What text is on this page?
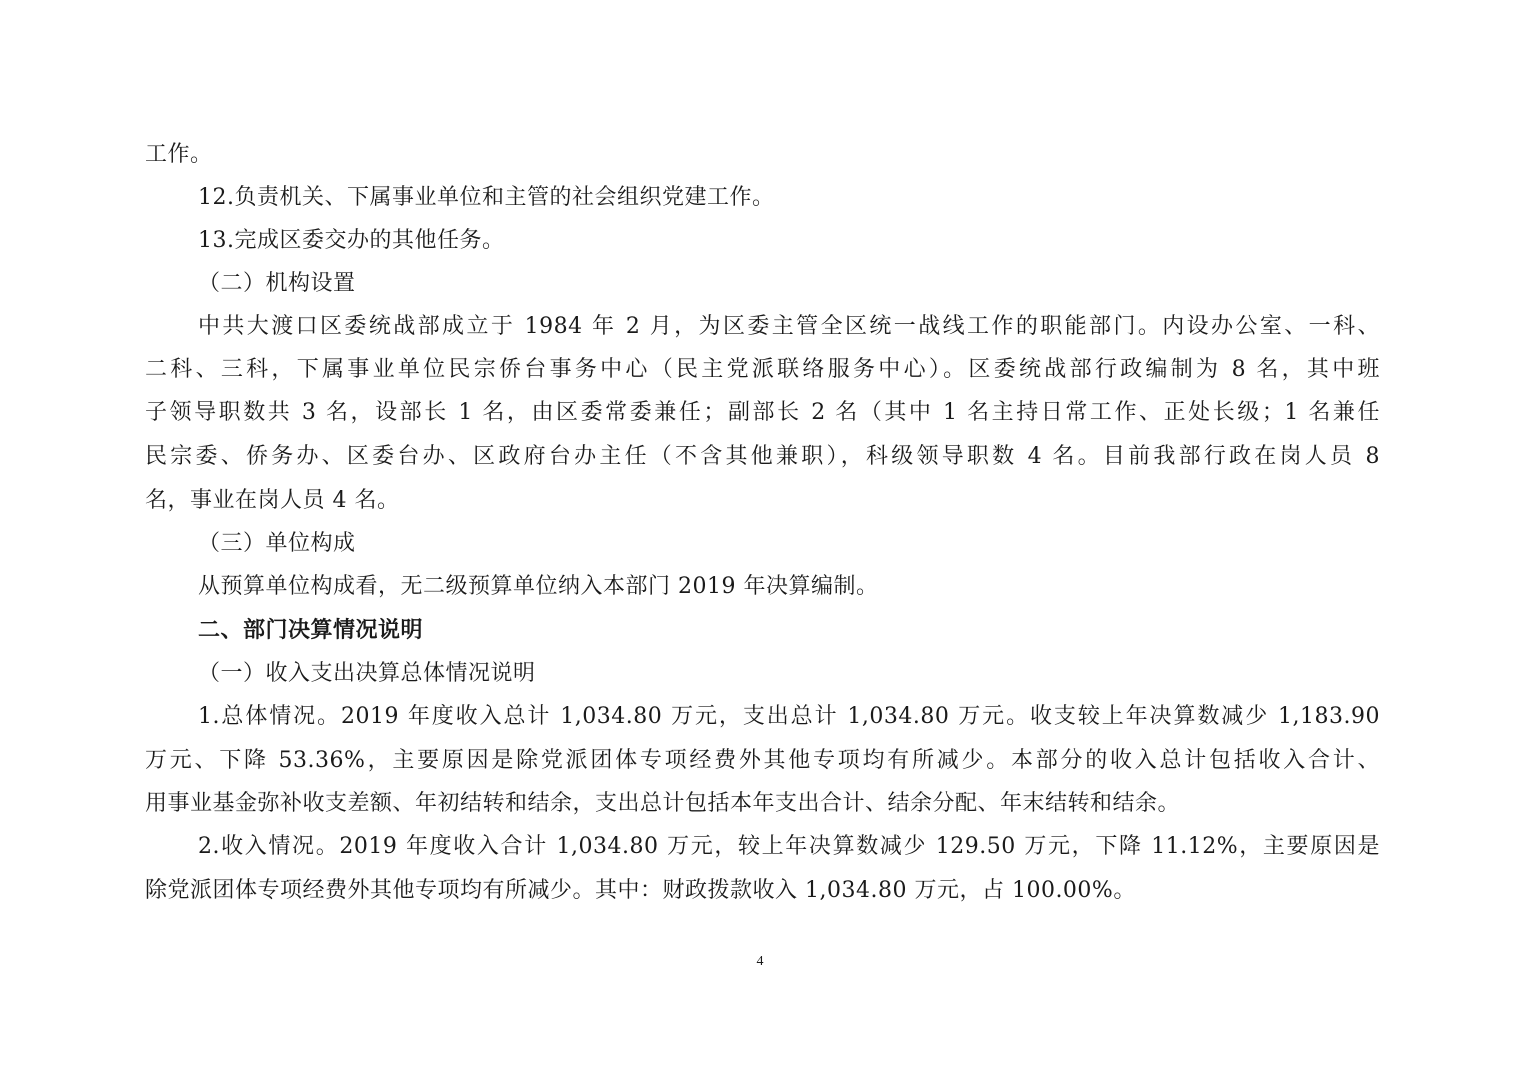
工作。
12.负责机关、下属事业单位和主管的社会组织党建工作。
13.完成区委交办的其他任务。
（二）机构设置
中共大渡口区委统战部成立于 1984 年 2 月，为区委主管全区统一战线工作的职能部门。内设办公室、一科、
二科、三科，下属事业单位民宗侨台事务中心（民主党派联络服务中心）。区委统战部行政编制为 8 名，其中班
子领导职数共 3 名，设部长 1 名，由区委常委兼任；副部长 2 名（其中 1 名主持日常工作、正处长级；1 名兼任
民宗委、侨务办、区委台办、区政府台办主任（不含其他兼职），科级领导职数 4 名。目前我部行政在岗人员 8
名，事业在岗人员 4 名。
（三）单位构成
从预算单位构成看，无二级预算单位纳入本部门 2019 年决算编制。
二、部门决算情况说明
（一）收入支出决算总体情况说明
1.总体情况。2019 年度收入总计 1,034.80 万元，支出总计 1,034.80 万元。收支较上年决算数减少 1,183.90
万元、下降 53.36%，主要原因是除党派团体专项经费外其他专项均有所减少。本部分的收入总计包括收入合计、
用事业基金弥补收支差额、年初结转和结余，支出总计包括本年支出合计、结余分配、年末结转和结余。
2.收入情况。2019 年度收入合计 1,034.80 万元，较上年决算数减少 129.50 万元，下降 11.12%，主要原因是
除党派团体专项经费外其他专项均有所减少。其中：财政拨款收入 1,034.80 万元，占 100.00%。
4
